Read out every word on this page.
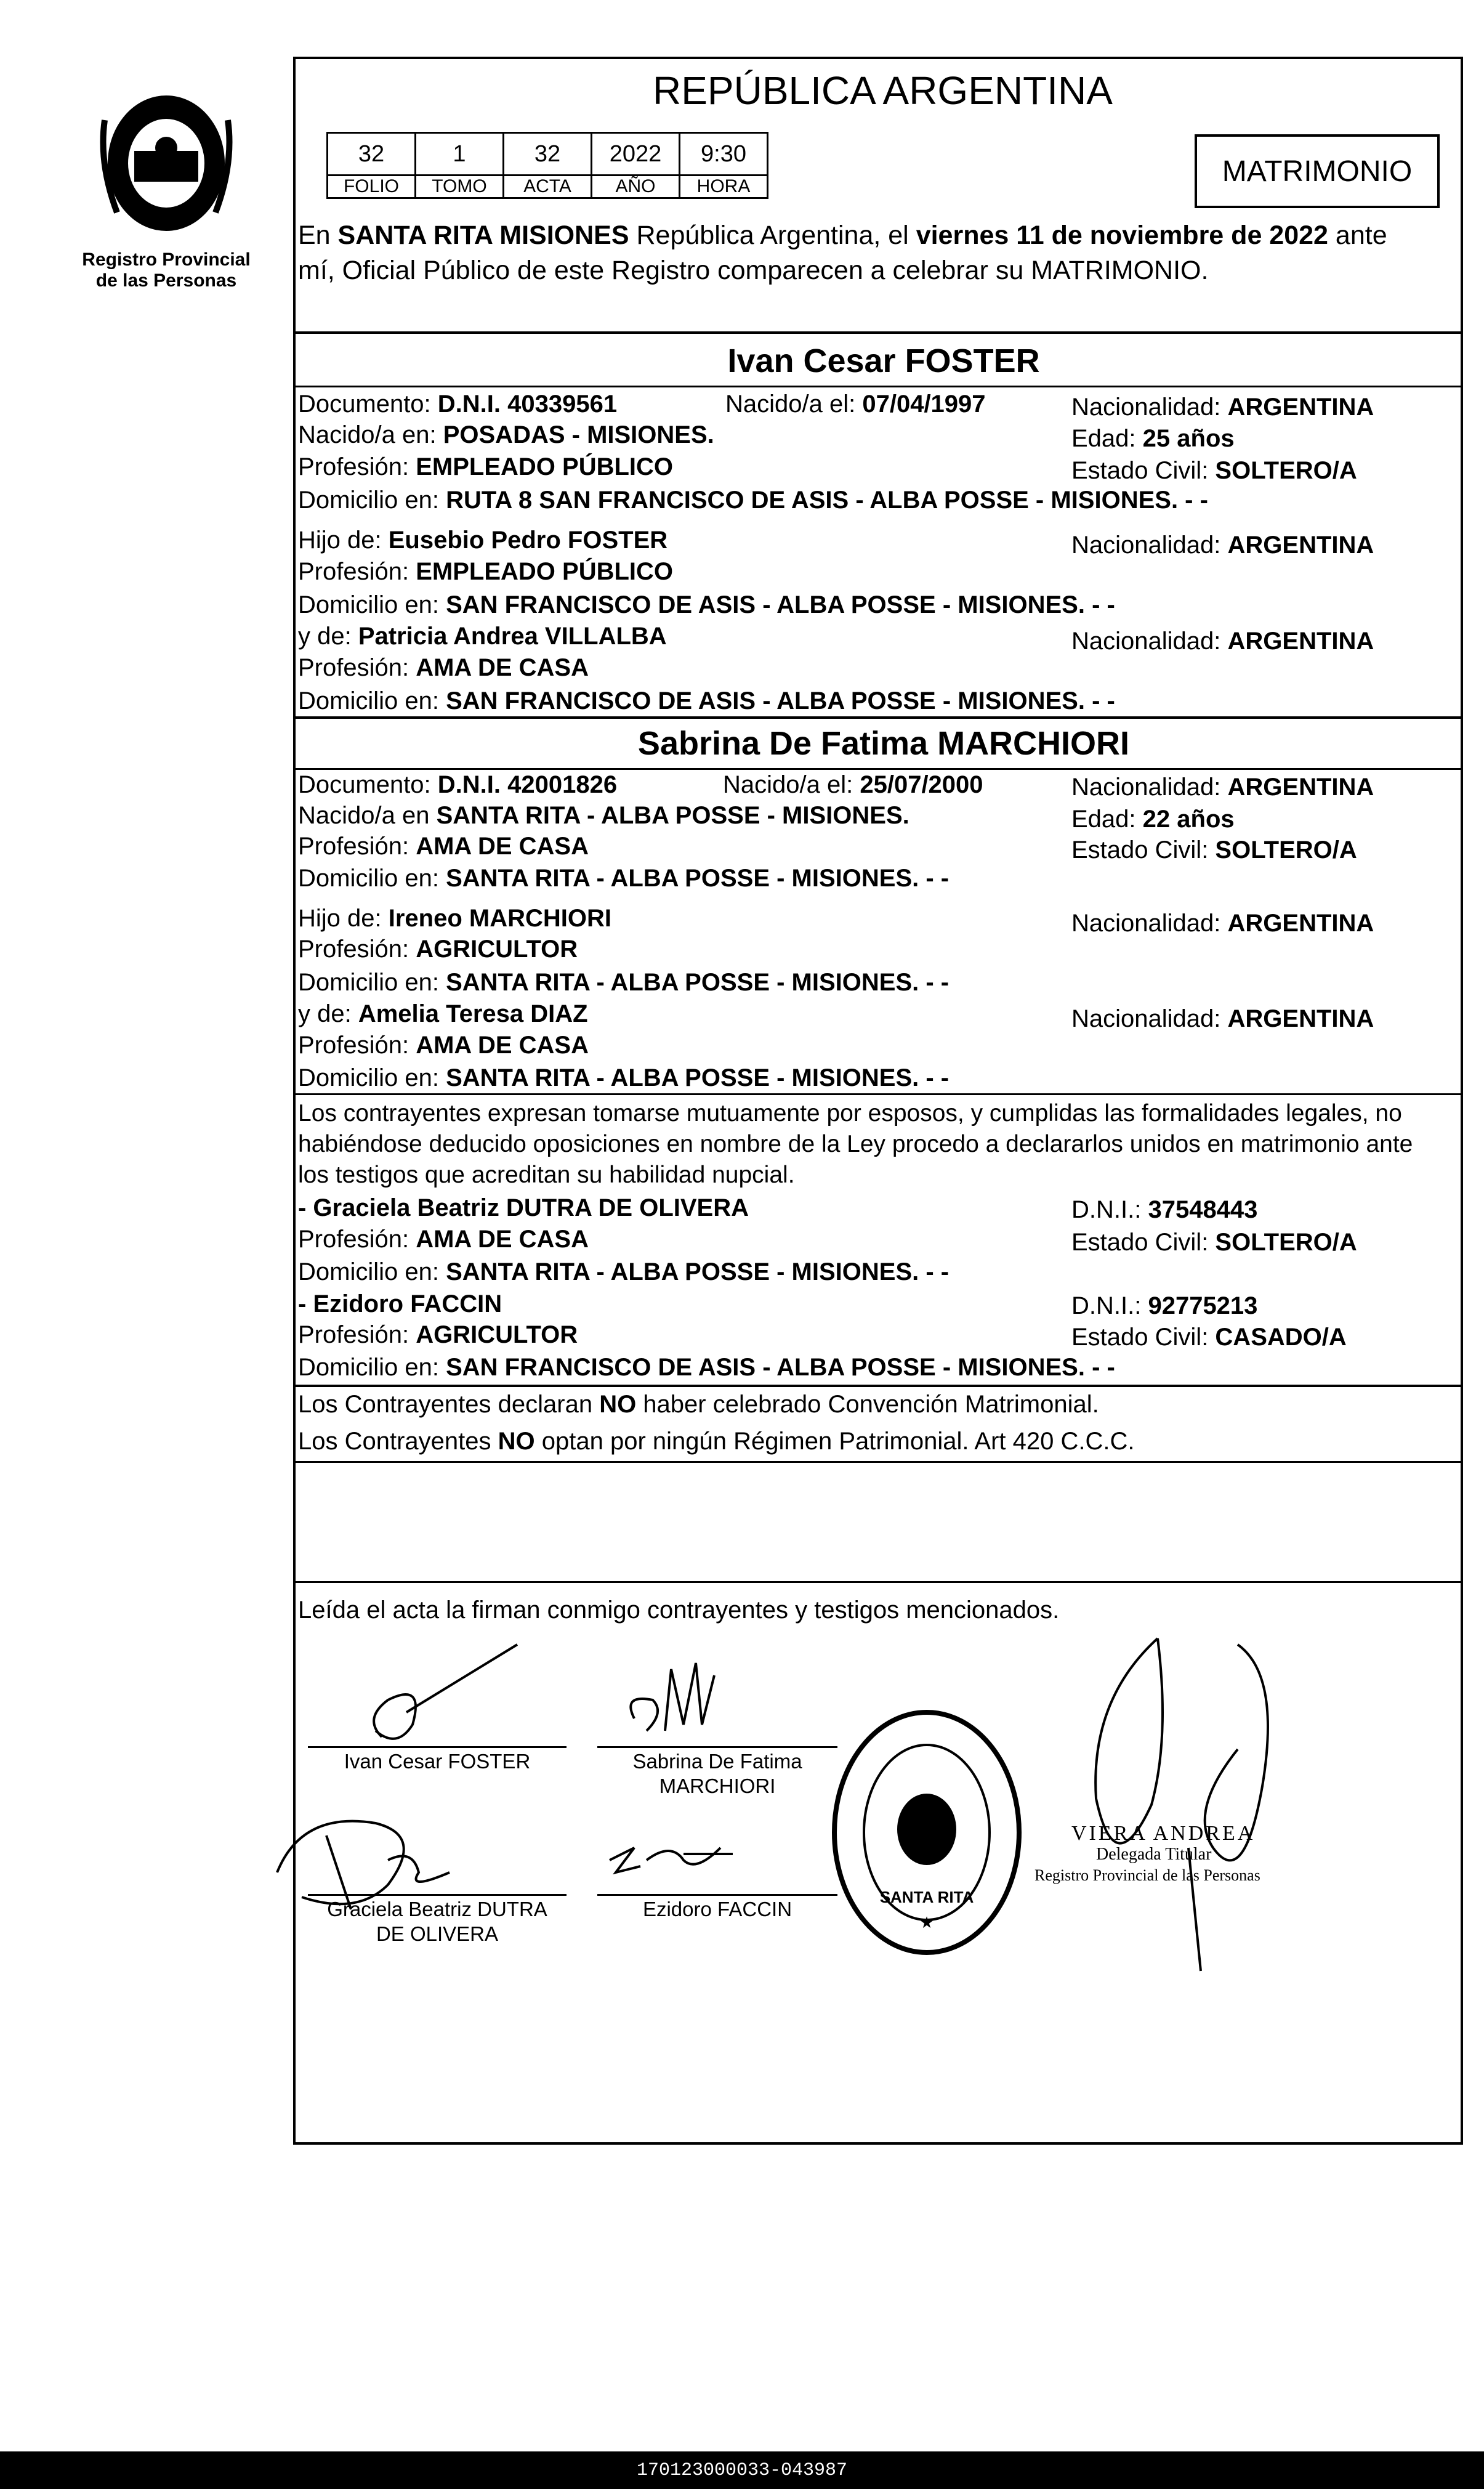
Registro Provincial
de las Personas
REPÚBLICA ARGENTINA
32	1	32	2022	9:30
FOLIO	TOMO	ACTA	AÑO	HORA	MATRIMONIO
En SANTA RITA MISIONES República Argentina, el viernes 11 de noviembre de 2022 ante
mí, Oficial Público de este Registro comparecen a celebrar su MATRIMONIO.
Ivan Cesar FOSTER
Documento: D.N.I. 40339561	Nacido/a el: 07/04/1997	Nacionalidad: ARGENTINA
Nacido/a en: POSADAS - MISIONES.	Edad: 25 años
Profesión: EMPLEADO PÚBLICO	Estado Civil: SOLTERO/A
Domicilio en: RUTA 8 SAN FRANCISCO DE ASIS - ALBA POSSE - MISIONES. - -
Hijo de: Eusebio Pedro FOSTER	Nacionalidad: ARGENTINA
Profesión: EMPLEADO PÚBLICO
Domicilio en: SAN FRANCISCO DE ASIS - ALBA POSSE - MISIONES. - -
y de: Patricia Andrea VILLALBA	Nacionalidad: ARGENTINA
Profesión: AMA DE CASA
Domicilio en: SAN FRANCISCO DE ASIS - ALBA POSSE - MISIONES. - -
Sabrina De Fatima MARCHIORI
Documento: D.N.I. 42001826	Nacido/a el: 25/07/2000	Nacionalidad: ARGENTINA
Nacido/a en SANTA RITA - ALBA POSSE - MISIONES.	Edad: 22 años
Profesión: AMA DE CASA	Estado Civil: SOLTERO/A
Domicilio en: SANTA RITA - ALBA POSSE - MISIONES. - -
Hijo de: Ireneo MARCHIORI	Nacionalidad: ARGENTINA
Profesión: AGRICULTOR
Domicilio en: SANTA RITA - ALBA POSSE - MISIONES. - -
y de: Amelia Teresa DIAZ	Nacionalidad: ARGENTINA
Profesión: AMA DE CASA
Domicilio en: SANTA RITA - ALBA POSSE - MISIONES. - -
Los contrayentes expresan tomarse mutuamente por esposos, y cumplidas las formalidades legales, no
habiéndose deducido oposiciones en nombre de la Ley procedo a declararlos unidos en matrimonio ante
los testigos que acreditan su habilidad nupcial.
- Graciela Beatriz DUTRA DE OLIVERA	D.N.I.: 37548443
Profesión: AMA DE CASA	Estado Civil: SOLTERO/A
Domicilio en: SANTA RITA - ALBA POSSE - MISIONES. - -
- Ezidoro FACCIN	D.N.I.: 92775213
Profesión: AGRICULTOR	Estado Civil: CASADO/A
Domicilio en: SAN FRANCISCO DE ASIS - ALBA POSSE - MISIONES. - -
Los Contrayentes declaran NO haber celebrado Convención Matrimonial.
Los Contrayentes NO optan por ningún Régimen Patrimonial. Art 420 C.C.C.
Leída el acta la firman conmigo contrayentes y testigos mencionados.
Ivan Cesar FOSTER	Sabrina De Fatima
MARCHIORI
Graciela Beatriz DUTRA
DE OLIVERA
Ezidoro FACCIN
★
SANTA RITA
VIERA ANDREA
Delegada Titular
Registro Provincial de las Personas
170123000033-043987
